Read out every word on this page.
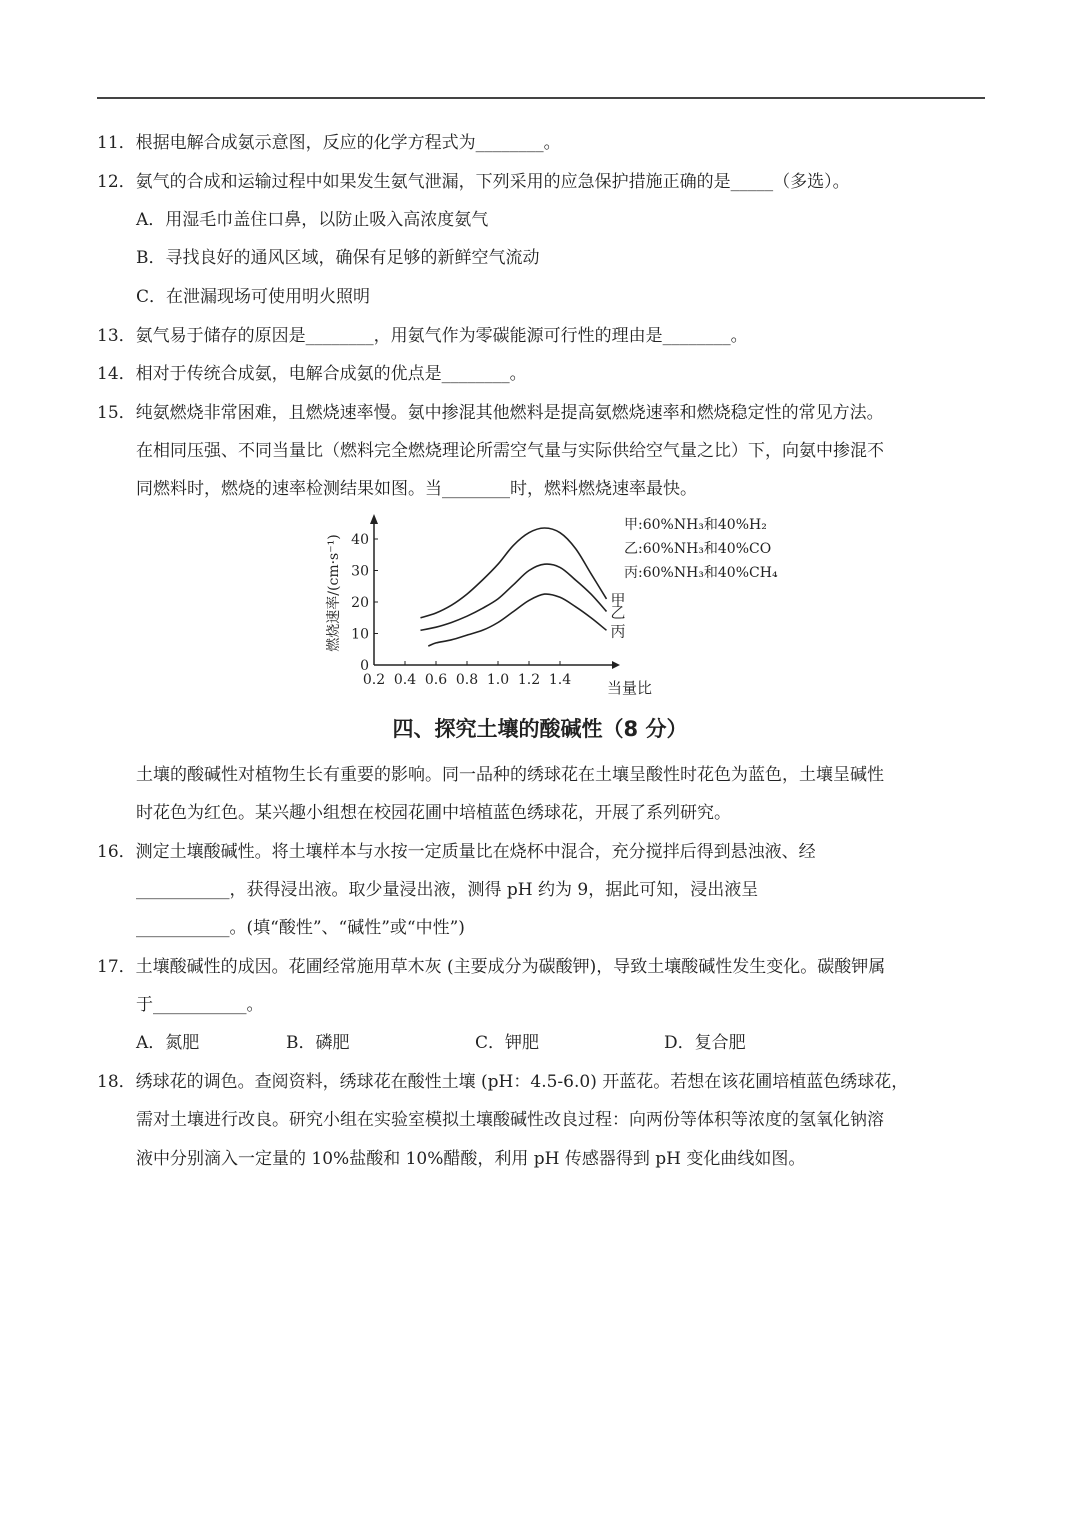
11．根据电解合成氨示意图，反应的化学方程式为________。
12．氨气的合成和运输过程中如果发生氨气泄漏，下列采用的应急保护措施正确的是_____（多选）。
A．用湿毛巾盖住口鼻，以防止吸入高浓度氨气
B．寻找良好的通风区域，确保有足够的新鲜空气流动
C．在泄漏现场可使用明火照明
13．氨气易于储存的原因是________，用氨气作为零碳能源可行性的理由是________。
14．相对于传统合成氨，电解合成氨的优点是________。
15．纯氨燃烧非常困难，且燃烧速率慢。氨中掺混其他燃料是提高氨燃烧速率和燃烧稳定性的常见方法。
在相同压强、不同当量比（燃料完全燃烧理论所需空气量与实际供给空气量之比）下，向氨中掺混不
同燃料时，燃烧的速率检测结果如图。当________时，燃料燃烧速率最快。
0.2 0.4 0.6 0.8 1.0 1.2 1.4
0
10
20
30
40
甲
乙
丙
甲:60%NH₃和40%H₂
乙:60%NH₃和40%CO
丙:60%NH₃和40%CH₄
燃烧速率/(cm·s⁻¹)
当量比
四、探究土壤的酸碱性（8 分）
土壤的酸碱性对植物生长有重要的影响。同一品种的绣球花在土壤呈酸性时花色为蓝色，土壤呈碱性
时花色为红色。某兴趣小组想在校园花圃中培植蓝色绣球花，开展了系列研究。
16．测定土壤酸碱性。将土壤样本与水按一定质量比在烧杯中混合，充分搅拌后得到悬浊液、经
___________，获得浸出液。取少量浸出液，测得 pH 约为 9，据此可知，浸出液呈
___________。(填“酸性”、“碱性”或“中性”)
17．土壤酸碱性的成因。花圃经常施用草木灰 (主要成分为碳酸钾)，导致土壤酸碱性发生变化。碳酸钾属
于___________。
A．氮肥	B．磷肥	C．钾肥	D．复合肥
18．绣球花的调色。查阅资料，绣球花在酸性土壤 (pH：4.5-6.0) 开蓝花。若想在该花圃培植蓝色绣球花，
需对土壤进行改良。研究小组在实验室模拟土壤酸碱性改良过程：向两份等体积等浓度的氢氧化钠溶
液中分别滴入一定量的 10%盐酸和 10%醋酸，利用 pH 传感器得到 pH 变化曲线如图。
